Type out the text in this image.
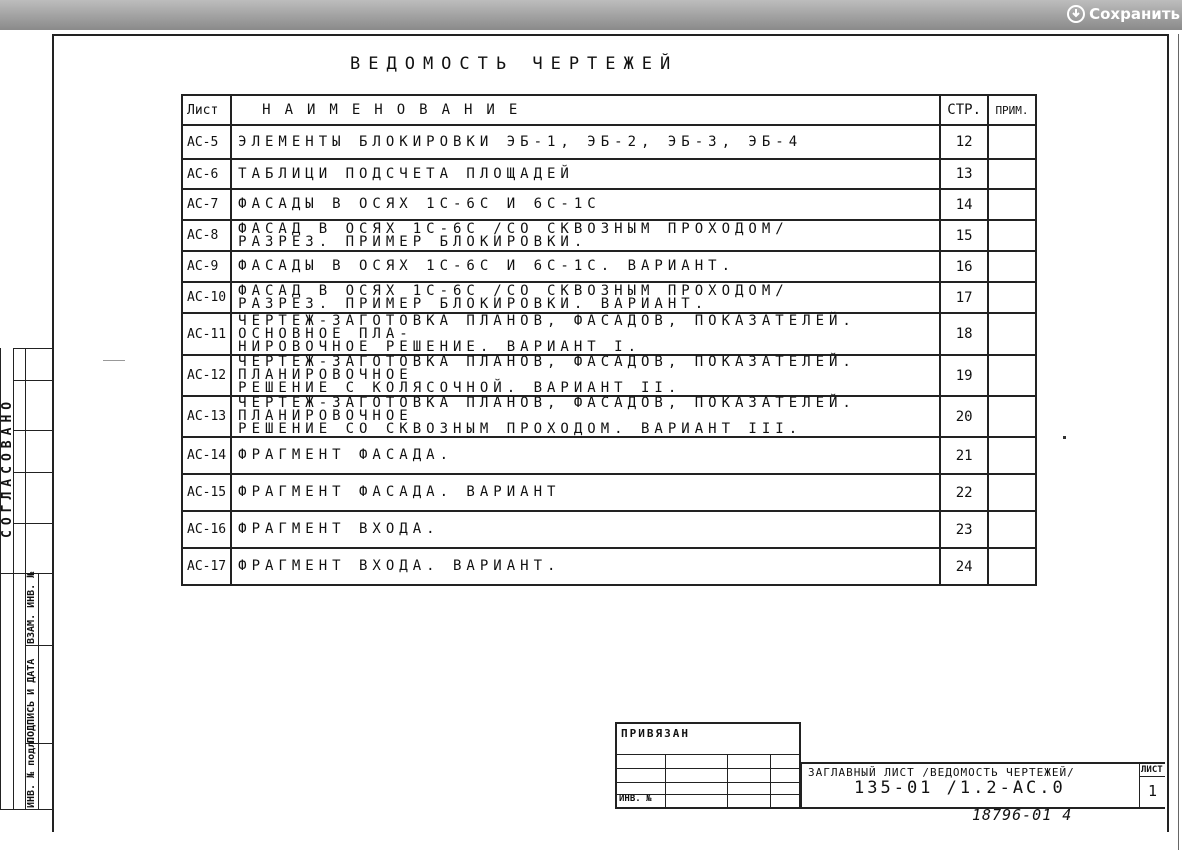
Сохранить
ВЕДОМОСТЬ ЧЕРТЕЖЕЙ
Лист	НАИМЕНОВАНИЕ	СТР.	ПРИМ.
АС-5	ЭЛЕМЕНТЫ БЛОКИРОВКИ ЭБ-1, ЭБ-2, ЭБ-3, ЭБ-4	12	
АС-6	ТАБЛИЦИ ПОДСЧЕТА ПЛОЩАДЕЙ	13	
АС-7	ФАСАДЫ В ОСЯХ 1С-6С И 6С-1С	14	
АС-8	ФАСАД В ОСЯХ 1С-6С /СО СКВОЗНЫМ ПРОХОДОМ/
РАЗРЕЗ. ПРИМЕР БЛОКИРОВКИ.	15	
АС-9	ФАСАДЫ В ОСЯХ 1С-6С И 6С-1С. ВАРИАНТ.	16	
АС-10	ФАСАД В ОСЯХ 1С-6С /СО СКВОЗНЫМ ПРОХОДОМ/
РАЗРЕЗ. ПРИМЕР БЛОКИРОВКИ. ВАРИАНТ.	17	
АС-11	ЧЕРТЕЖ-ЗАГОТОВКА ПЛАНОВ, ФАСАДОВ, ПОКАЗАТЕЛЕЙ. ОСНОВНОЕ ПЛА-
НИРОВОЧНОЕ РЕШЕНИЕ. ВАРИАНТ I.	18	
АС-12	ЧЕРТЕЖ-ЗАГОТОВКА ПЛАНОВ, ФАСАДОВ, ПОКАЗАТЕЛЕЙ. ПЛАНИРОВОЧНОЕ
РЕШЕНИЕ С КОЛЯСОЧНОЙ. ВАРИАНТ II.	19	
АС-13	ЧЕРТЕЖ-ЗАГОТОВКА ПЛАНОВ, ФАСАДОВ, ПОКАЗАТЕЛЕЙ. ПЛАНИРОВОЧНОЕ
РЕШЕНИЕ СО СКВОЗНЫМ ПРОХОДОМ. ВАРИАНТ III.	20	
АС-14	ФРАГМЕНТ ФАСАДА.	21	
АС-15	ФРАГМЕНТ ФАСАДА. ВАРИАНТ	22	
АС-16	ФРАГМЕНТ ВХОДА.	23	
АС-17	ФРАГМЕНТ ВХОДА. ВАРИАНТ.	24	
СОГЛАСОВАНО
ИНВ. № подл.
ПОДПИСЬ И ДАТА
ВЗАМ. ИНВ. №
ПРИВЯЗАН
ИНВ. №
ЗАГЛАВНЫЙ ЛИСТ /ВЕДОМОСТЬ ЧЕРТЕЖЕЙ/
135-01 /1.2-АС.0
ЛИСТ
1
18796-01 4
